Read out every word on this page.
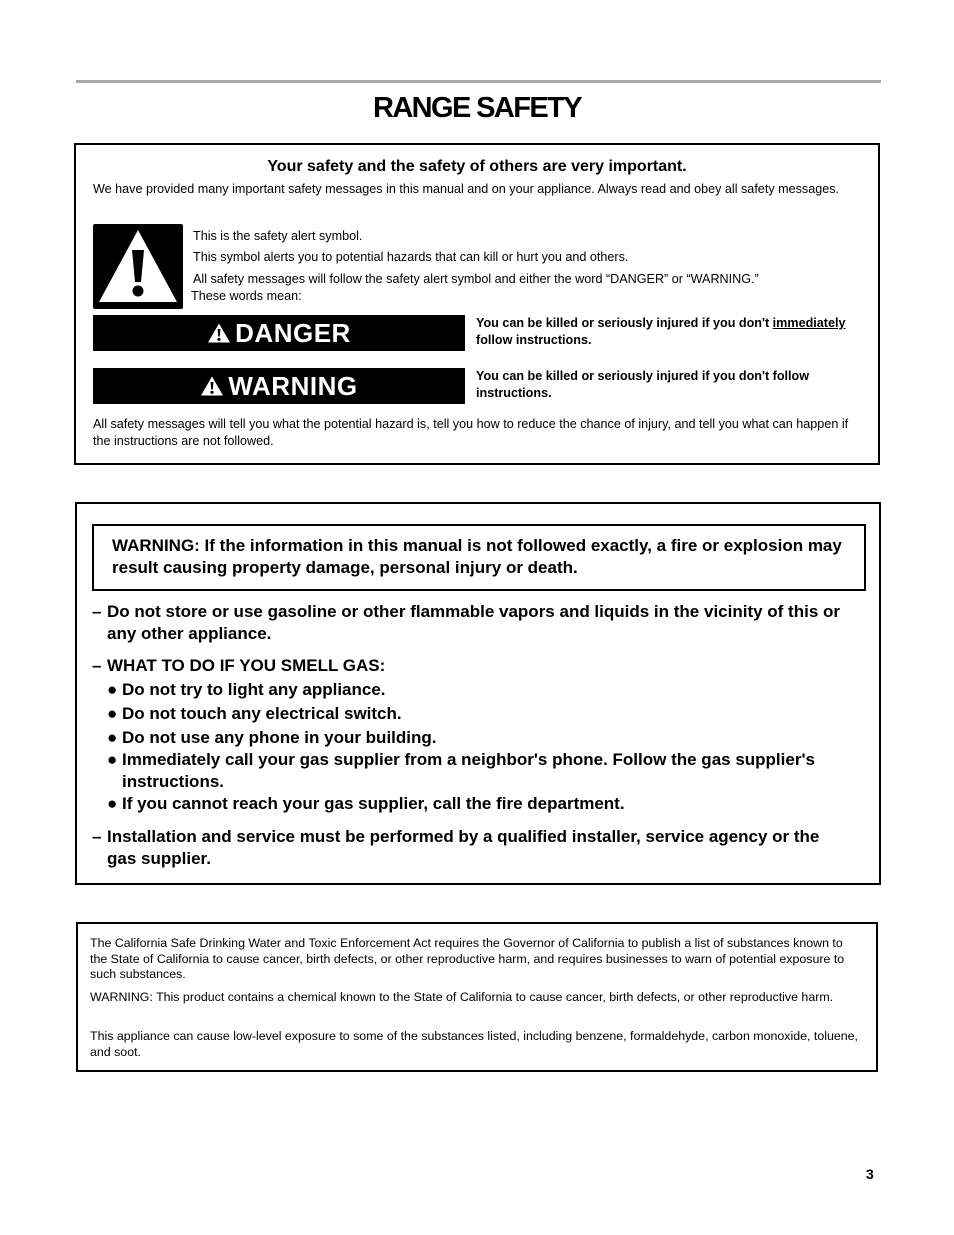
RANGE SAFETY
Your safety and the safety of others are very important.
We have provided many important safety messages in this manual and on your appliance. Always read and obey all safety messages.
This is the safety alert symbol.
This symbol alerts you to potential hazards that can kill or hurt you and others.
All safety messages will follow the safety alert symbol and either the word “DANGER” or “WARNING.”
These words mean:
DANGER	You can be killed or seriously injured if you don't immediately follow instructions.
WARNING	You can be killed or seriously injured if you don't follow instructions.
All safety messages will tell you what the potential hazard is, tell you how to reduce the chance of injury, and tell you what can happen if the instructions are not followed.
WARNING: If the information in this manual is not followed exactly, a fire or explosion may result causing property damage, personal injury or death.
– Do not store or use gasoline or other flammable vapors and liquids in the vicinity of this or any other appliance.
– WHAT TO DO IF YOU SMELL GAS:
● Do not try to light any appliance.
● Do not touch any electrical switch.
● Do not use any phone in your building.
● Immediately call your gas supplier from a neighbor's phone. Follow the gas supplier's instructions.
● If you cannot reach your gas supplier, call the fire department.
– Installation and service must be performed by a qualified installer, service agency or the gas supplier.
The California Safe Drinking Water and Toxic Enforcement Act requires the Governor of California to publish a list of substances known to the State of California to cause cancer, birth defects, or other reproductive harm, and requires businesses to warn of potential exposure to such substances.
WARNING: This product contains a chemical known to the State of California to cause cancer, birth defects, or other reproductive harm.
This appliance can cause low-level exposure to some of the substances listed, including benzene, formaldehyde, carbon monoxide, toluene, and soot.
3
